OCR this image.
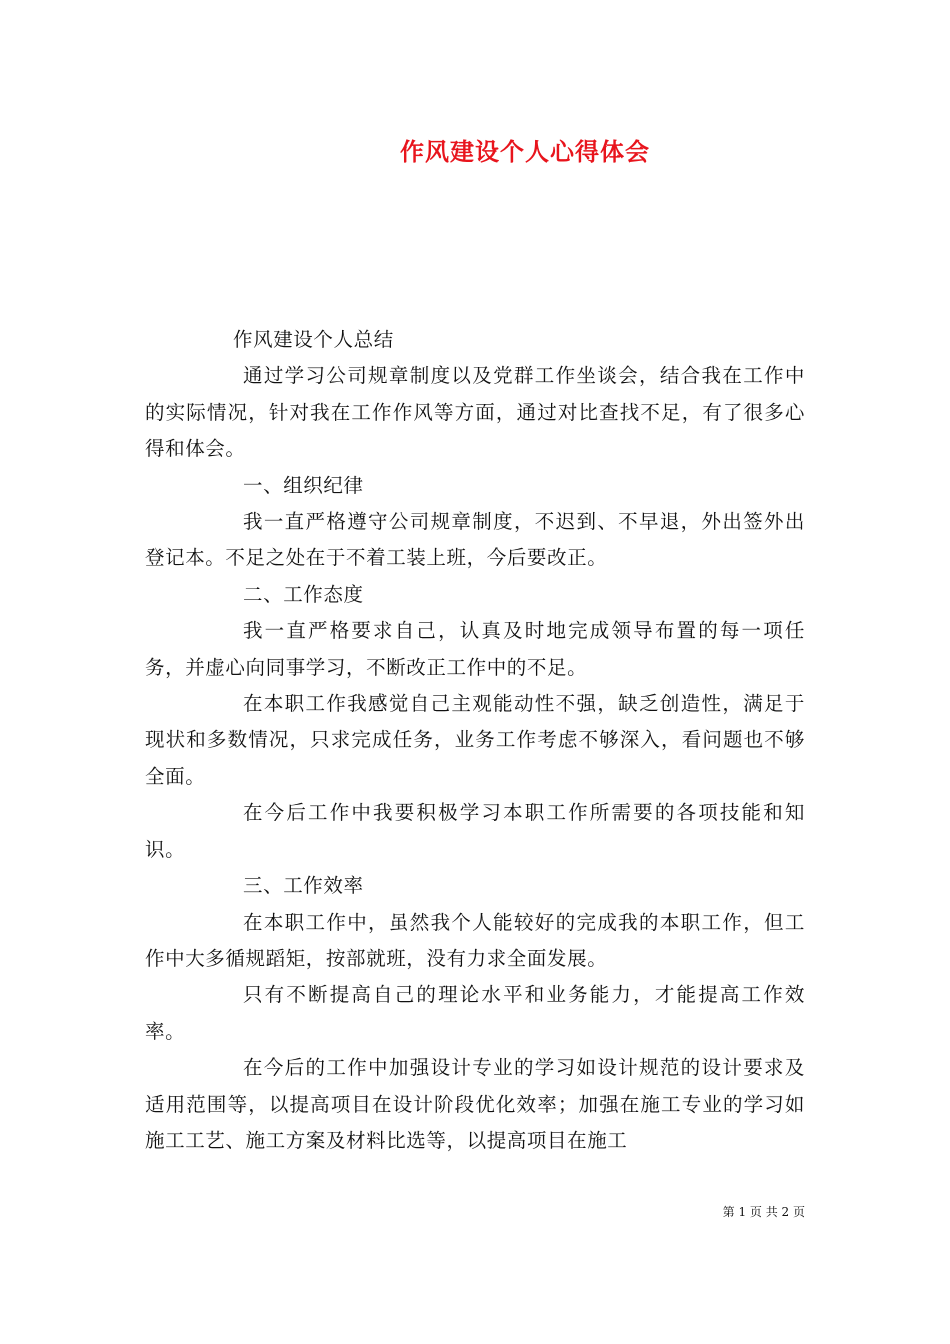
作风建设个人心得体会

作风建设个人总结

通过学习公司规章制度以及党群工作坐谈会，结合我在工作中的实际情况，针对我在工作作风等方面，通过对比查找不足，有了很多心得和体会。

一、组织纪律

我一直严格遵守公司规章制度，不迟到、不早退，外出签外出登记本。不足之处在于不着工装上班，今后要改正。

二、工作态度

我一直严格要求自己，认真及时地完成领导布置的每一项任务，并虚心向同事学习，不断改正工作中的不足。

在本职工作我感觉自己主观能动性不强，缺乏创造性，满足于现状和多数情况，只求完成任务，业务工作考虑不够深入，看问题也不够全面。

在今后工作中我要积极学习本职工作所需要的各项技能和知识。

三、工作效率

在本职工作中，虽然我个人能较好的完成我的本职工作，但工作中大多循规蹈矩，按部就班，没有力求全面发展。

只有不断提高自己的理论水平和业务能力，才能提高工作效率。

在今后的工作中加强设计专业的学习如设计规范的设计要求及适用范围等，以提高项目在设计阶段优化效率；加强在施工专业的学习如施工工艺、施工方案及材料比选等，以提高项目在施工

第 1 页 共 2 页
